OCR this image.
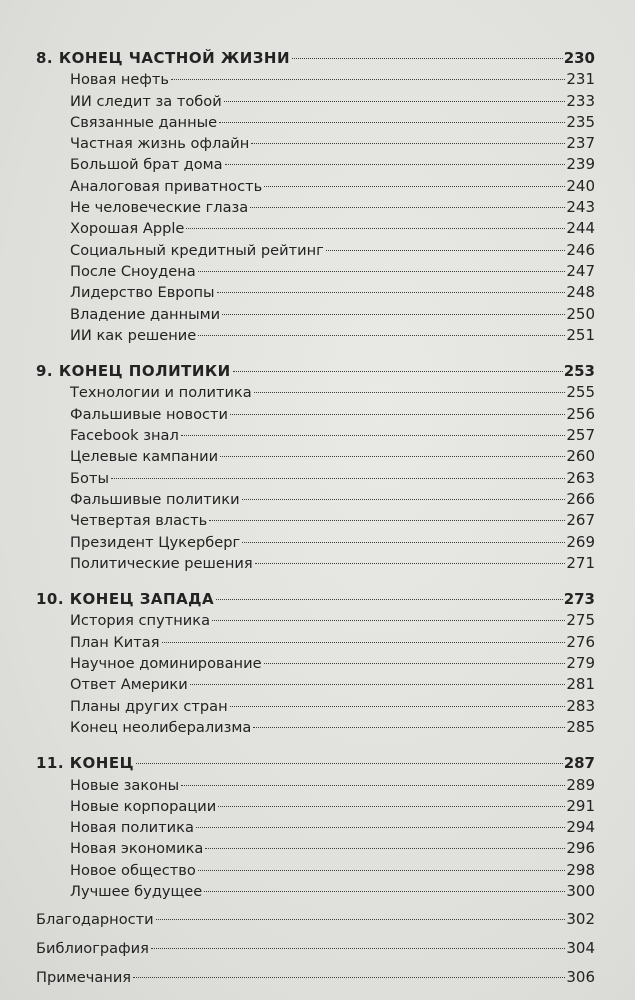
8. КОНЕЦ ЧАСТНОЙ ЖИЗНИ	230
Новая нефть	231
ИИ следит за тобой	233
Связанные данные	235
Частная жизнь офлайн	237
Большой брат дома	239
Аналоговая приватность	240
Не человеческие глаза	243
Хорошая Apple	244
Социальный кредитный рейтинг	246
После Сноудена	247
Лидерство Европы	248
Владение данными	250
ИИ как решение	251
9. КОНЕЦ ПОЛИТИКИ	253
Технологии и политика	255
Фальшивые новости	256
Facebook знал	257
Целевые кампании	260
Боты	263
Фальшивые политики	266
Четвертая власть	267
Президент Цукерберг	269
Политические решения	271
10. КОНЕЦ ЗАПАДА	273
История спутника	275
План Китая	276
Научное доминирование	279
Ответ Америки	281
Планы других стран	283
Конец неолиберализма	285
11. КОНЕЦ	287
Новые законы	289
Новые корпорации	291
Новая политика	294
Новая экономика	296
Новое общество	298
Лучшее будущее	300
Благодарности	302
Библиография	304
Примечания	306
